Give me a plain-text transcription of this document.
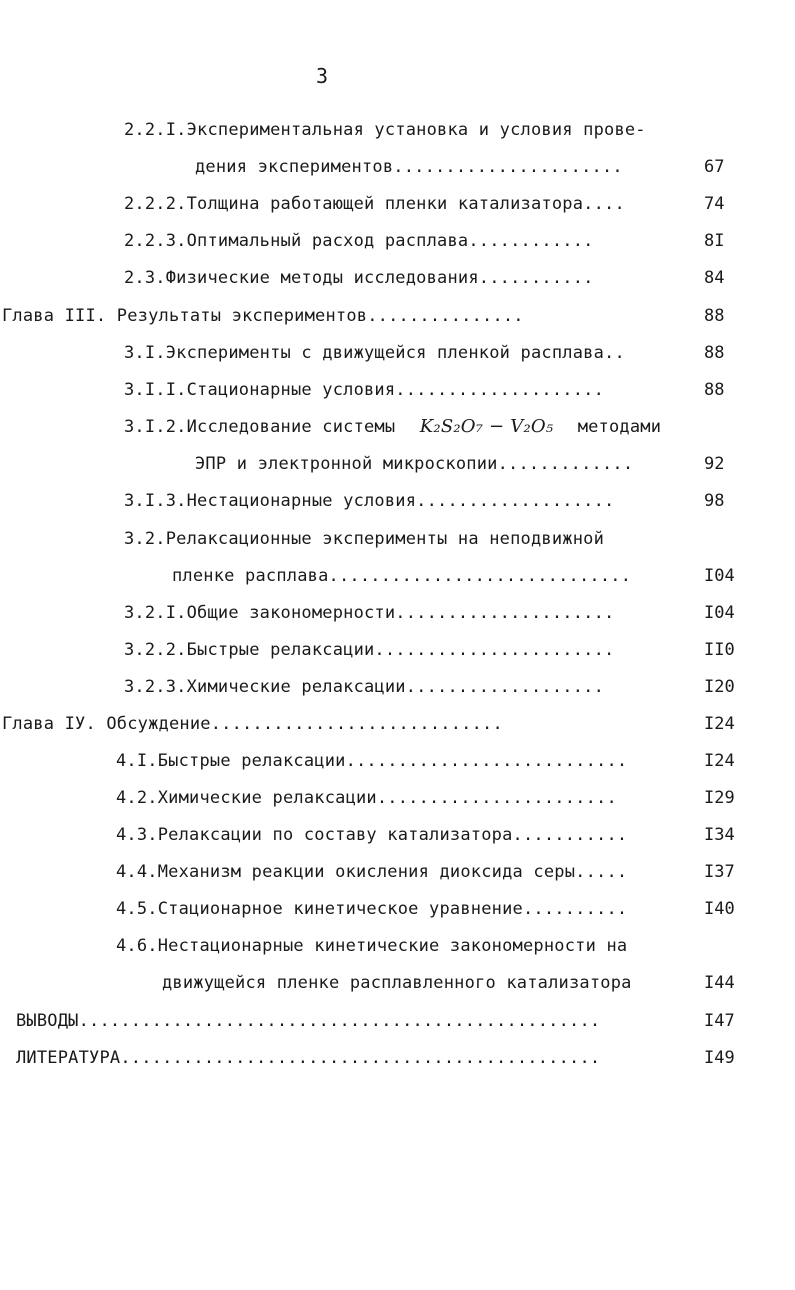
3
2.2.I.Экспериментальная установка и условия прове-
дения экспериментов......................	67
2.2.2.Толщина работающей пленки катализатора....	74
2.2.3.Оптимальный расход расплава............	8I
2.3.Физические методы исследования...........	84
Глава III. Результаты экспериментов...............	88
3.I.Эксперименты с движущейся пленкой расплава..	88
3.I.I.Стационарные условия....................	88
3.I.2.Исследование системы K₂S₂O₇ − V₂O₅ методами
ЭПР и электронной микроскопии.............	92
3.I.3.Нестационарные условия...................	98
3.2.Релаксационные эксперименты на неподвижной
пленке расплава.............................	I04
3.2.I.Общие закономерности.....................	I04
3.2.2.Быстрые релаксации.......................	II0
3.2.3.Химические релаксации...................	I20
Глава IУ. Обсуждение............................	I24
4.I.Быстрые релаксации...........................	I24
4.2.Химические релаксации.......................	I29
4.3.Релаксации по составу катализатора...........	I34
4.4.Механизм реакции окисления диоксида серы.....	I37
4.5.Стационарное кинетическое уравнение..........	I40
4.6.Нестационарные кинетические закономерности на
движущейся пленке расплавленного катализатора	I44
ВЫВОДЫ..................................................	I47
ЛИТЕРАТУРА..............................................	I49
